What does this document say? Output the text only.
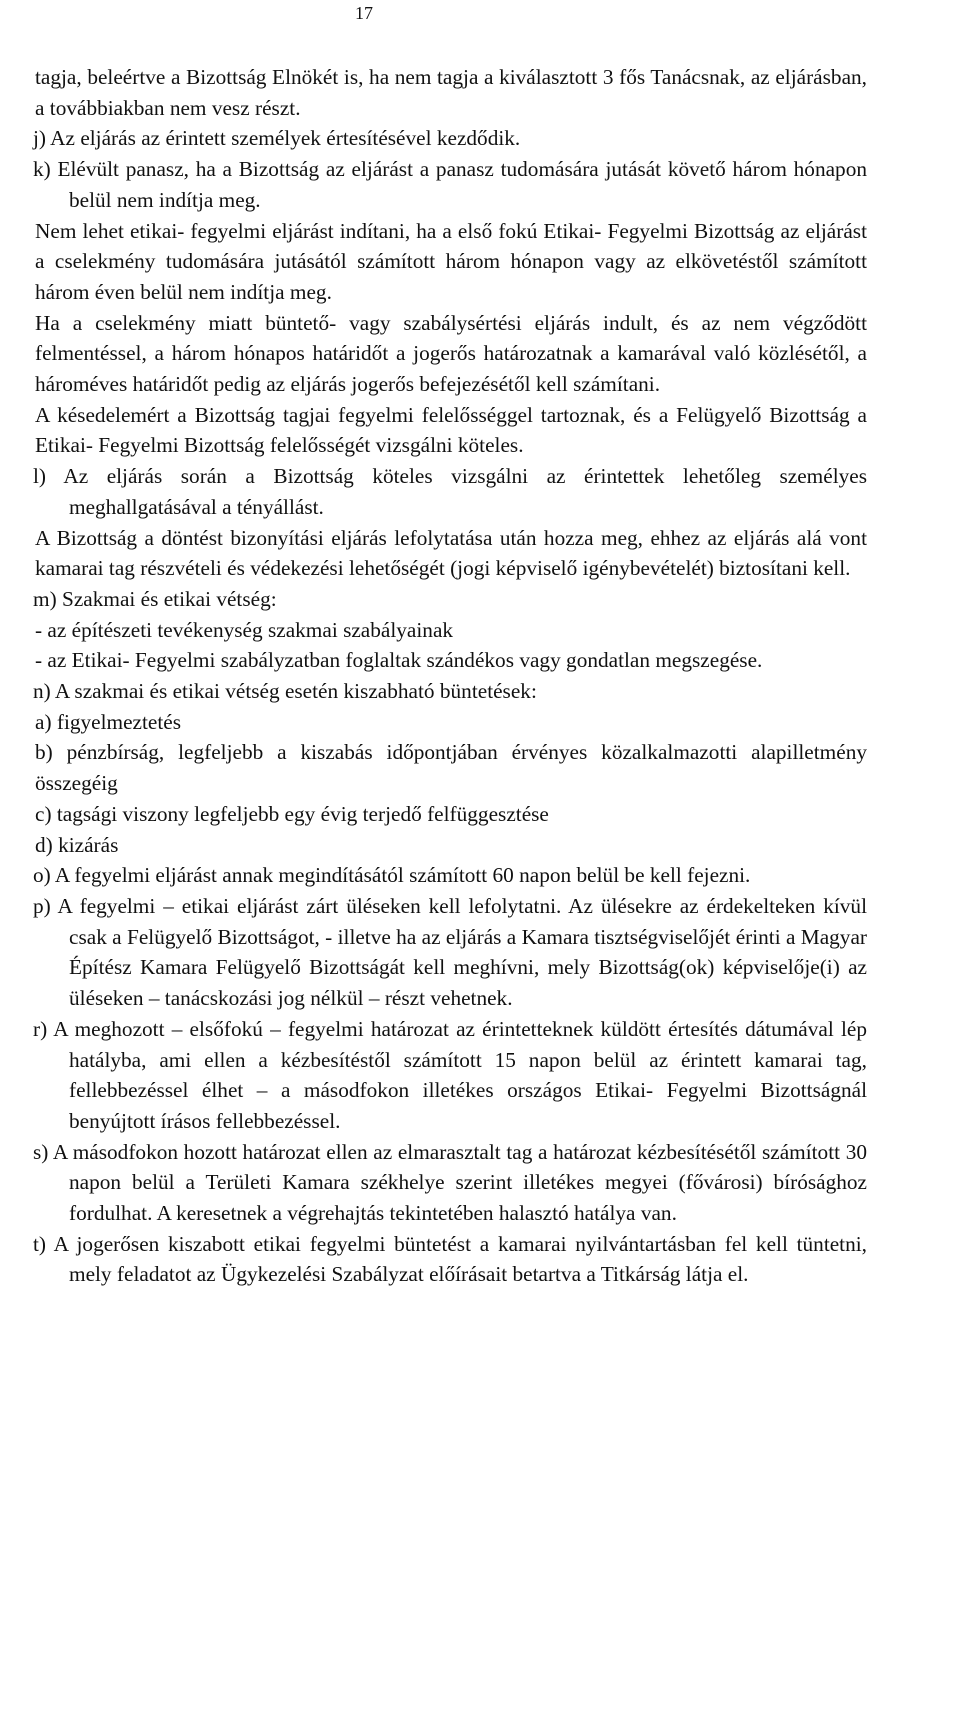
17

tagja, beleértve a Bizottság Elnökét is, ha nem tagja a kiválasztott 3 fős Tanácsnak, az eljárásban, a továbbiakban nem vesz részt.

j) Az eljárás az érintett személyek értesítésével kezdődik.

k) Elévült panasz, ha a Bizottság az eljárást a panasz tudomására jutását követő három hónapon belül nem indítja meg.

Nem lehet etikai- fegyelmi eljárást indítani, ha a első fokú Etikai- Fegyelmi Bizottság az eljárást a cselekmény tudomására jutásától számított három hónapon vagy az elkövetéstől számított három éven belül nem indítja meg.

Ha a cselekmény miatt büntető- vagy szabálysértési eljárás indult, és az nem végződött felmentéssel, a három hónapos határidőt a jogerős határozatnak a kamarával való közlésétől, a hároméves határidőt pedig az eljárás jogerős befejezésétől kell számítani.

A késedelemért a Bizottság tagjai fegyelmi felelősséggel tartoznak, és a Felügyelő Bizottság a Etikai- Fegyelmi Bizottság felelősségét vizsgálni köteles.

l) Az eljárás során a Bizottság köteles vizsgálni az érintettek lehetőleg személyes meghallgatásával a tényállást.

A Bizottság a döntést bizonyítási eljárás lefolytatása után hozza meg, ehhez az eljárás alá vont kamarai tag részvételi és védekezési lehetőségét (jogi képviselő igénybevételét) biztosítani kell.

m) Szakmai és etikai vétség:

- az építészeti tevékenység szakmai szabályainak

- az Etikai- Fegyelmi szabályzatban foglaltak szándékos vagy gondatlan megszegése.

n) A szakmai és etikai vétség esetén kiszabható büntetések:

a) figyelmeztetés

b) pénzbírság, legfeljebb a kiszabás időpontjában érvényes közalkalmazotti alapilletmény összegéig

c) tagsági viszony legfeljebb egy évig terjedő felfüggesztése

d) kizárás

o) A fegyelmi eljárást annak megindításától számított 60 napon belül be kell fejezni.

p) A fegyelmi – etikai eljárást zárt üléseken kell lefolytatni. Az ülésekre az érdekelteken kívül csak a Felügyelő Bizottságot, - illetve ha az eljárás a Kamara tisztségviselőjét érinti a Magyar Építész Kamara Felügyelő Bizottságát kell meghívni, mely Bizottság(ok) képviselője(i) az üléseken – tanácskozási jog nélkül – részt vehetnek.

r) A meghozott – elsőfokú – fegyelmi határozat az érintetteknek küldött értesítés dátumával lép hatályba, ami ellen a kézbesítéstől számított 15 napon belül az érintett kamarai tag, fellebbezéssel élhet – a másodfokon illetékes országos Etikai- Fegyelmi Bizottságnál benyújtott írásos fellebbezéssel.

s) A másodfokon hozott határozat ellen az elmarasztalt tag a határozat kézbesítésétől számított 30 napon belül a Területi Kamara székhelye szerint illetékes megyei (fővárosi) bírósághoz fordulhat. A keresetnek a végrehajtás tekintetében halasztó hatálya van.

t) A jogerősen kiszabott etikai fegyelmi büntetést a kamarai nyilvántartásban fel kell tüntetni, mely feladatot az Ügykezelési Szabályzat előírásait betartva a Titkárság látja el.
